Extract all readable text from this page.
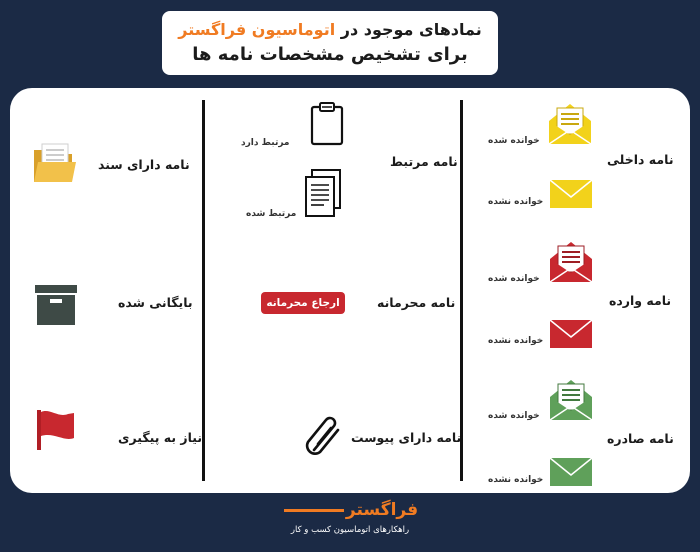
نمادهای موجود در اتوماسیون فراگستر
برای تشخیص مشخصات نامه ها
نامه داخلی
خوانده شده
خوانده نشده
نامه وارده
خوانده شده
خوانده نشده
نامه صادره
خوانده شده
خوانده نشده
نامه مرتبط
مرتبط دارد
مرتبط شده
نامه محرمانه
ارجاع محرمانه
نامه دارای پیوست
نامه دارای سند
بایگانی شده
نیاز به پیگیری
فراگستر
راهکارهای اتوماسیون کسب و کار
